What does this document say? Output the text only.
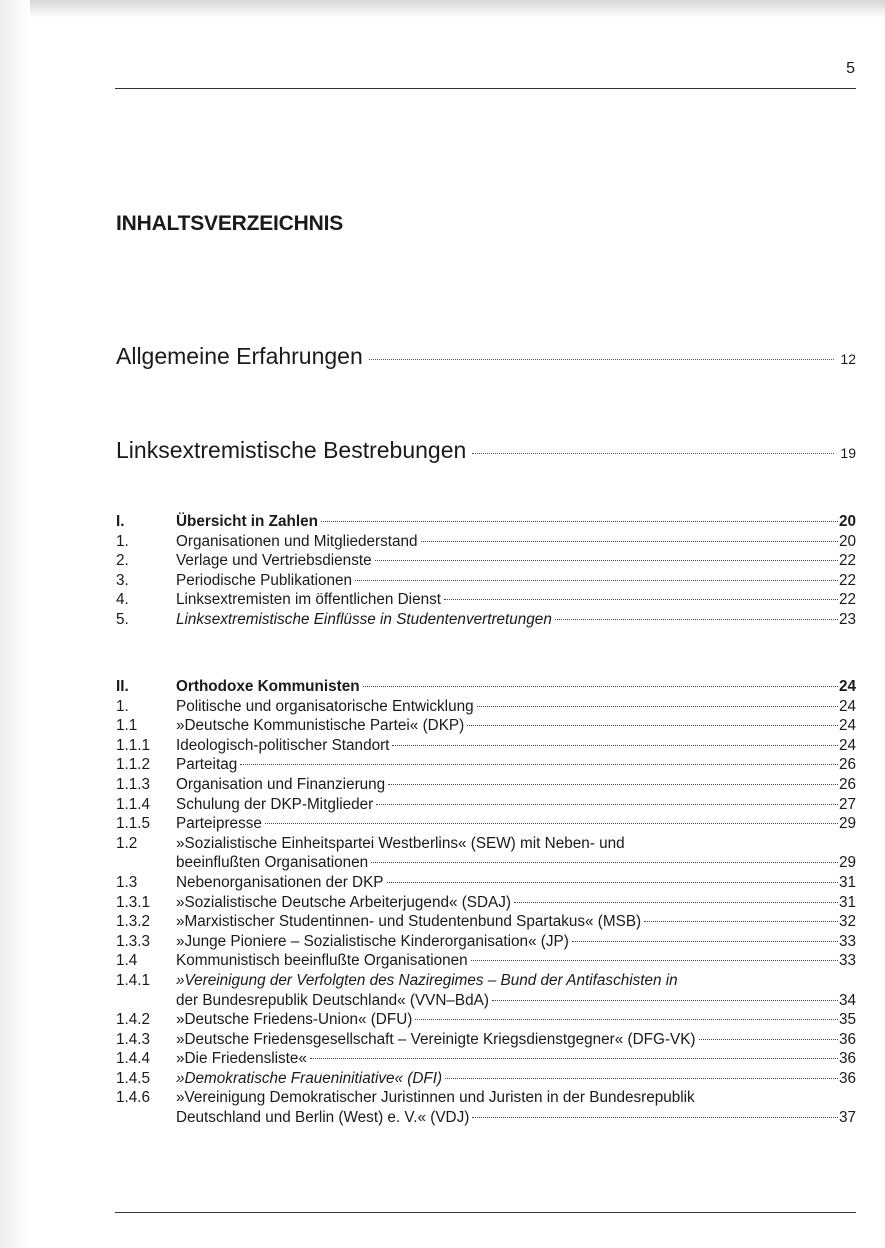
5
INHALTSVERZEICHNIS
Allgemeine Erfahrungen	12
Linksextremistische Bestrebungen	19
I.	Übersicht in Zahlen	20
1.	Organisationen und Mitgliederstand	20
2.	Verlage und Vertriebsdienste	22
3.	Periodische Publikationen	22
4.	Linksextremisten im öffentlichen Dienst	22
5.	Linksextremistische Einflüsse in Studentenvertretungen	23
II.	Orthodoxe Kommunisten	24
1.	Politische und organisatorische Entwicklung	24
1.1	»Deutsche Kommunistische Partei« (DKP)	24
1.1.1	Ideologisch-politischer Standort	24
1.1.2	Parteitag	26
1.1.3	Organisation und Finanzierung	26
1.1.4	Schulung der DKP-Mitglieder	27
1.1.5	Parteipresse	29
1.2	»Sozialistische Einheitspartei Westberlins« (SEW) mit Neben- und
beeinflußten Organisationen	29
1.3	Nebenorganisationen der DKP	31
1.3.1	»Sozialistische Deutsche Arbeiterjugend« (SDAJ)	31
1.3.2	»Marxistischer Studentinnen- und Studentenbund Spartakus« (MSB)	32
1.3.3	»Junge Pioniere – Sozialistische Kinderorganisation« (JP)	33
1.4	Kommunistisch beeinflußte Organisationen	33
1.4.1	»Vereinigung der Verfolgten des Naziregimes – Bund der Antifaschisten in
der Bundesrepublik Deutschland« (VVN–BdA)	34
1.4.2	»Deutsche Friedens-Union« (DFU)	35
1.4.3	»Deutsche Friedensgesellschaft – Vereinigte Kriegsdienstgegner« (DFG-VK)	36
1.4.4	»Die Friedensliste«	36
1.4.5	»Demokratische Fraueninitiative« (DFI)	36
1.4.6	»Vereinigung Demokratischer Juristinnen und Juristen in der Bundesrepublik
Deutschland und Berlin (West) e. V.« (VDJ)	37
